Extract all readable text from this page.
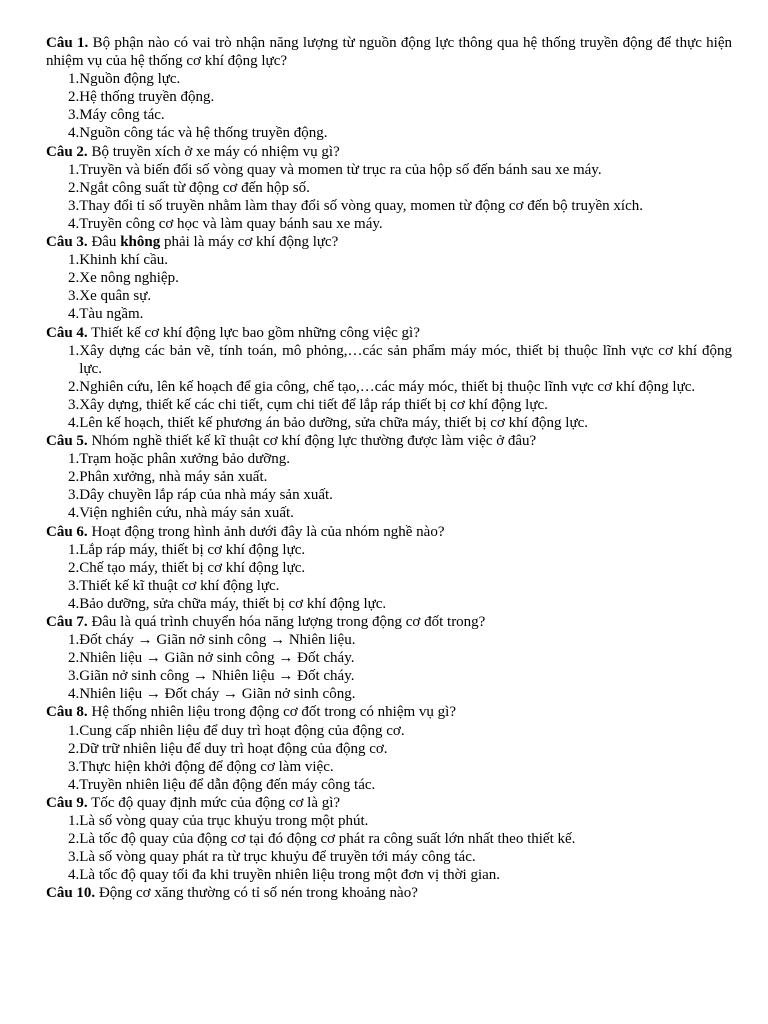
Câu 1. Bộ phận nào có vai trò nhận năng lượng từ nguồn động lực thông qua hệ thống truyền động để thực hiện nhiệm vụ của hệ thống cơ khí động lực?
1. Nguồn động lực.
2. Hệ thống truyền động.
3. Máy công tác.
4. Nguồn công tác và hệ thống truyền động.
Câu 2. Bộ truyền xích ở xe máy có nhiệm vụ gì?
1. Truyền và biến đổi số vòng quay và momen từ trục ra của hộp số đến bánh sau xe máy.
2. Ngắt công suất từ động cơ đến hộp số.
3. Thay đổi tỉ số truyền nhằm làm thay đổi số vòng quay, momen từ động cơ đến bộ truyền xích.
4. Truyền công cơ học và làm quay bánh sau xe máy.
Câu 3. Đâu không phải là máy cơ khí động lực?
1. Khinh khí cầu.
2. Xe nông nghiệp.
3. Xe quân sự.
4. Tàu ngầm.
Câu 4. Thiết kế cơ khí động lực bao gồm những công việc gì?
1. Xây dựng các bản vẽ, tính toán, mô phỏng,…các sản phẩm máy móc, thiết bị thuộc lĩnh vực cơ khí động lực.
2. Nghiên cứu, lên kế hoạch để gia công, chế tạo,…các máy móc, thiết bị thuộc lĩnh vực cơ khí động lực.
3. Xây dựng, thiết kế các chi tiết, cụm chi tiết để lắp ráp thiết bị cơ khí động lực.
4. Lên kế hoạch, thiết kế phương án bảo dưỡng, sửa chữa máy, thiết bị cơ khí động lực.
Câu 5. Nhóm nghề thiết kế kĩ thuật cơ khí động lực thường được làm việc ở đâu?
1. Trạm hoặc phân xưởng bảo dưỡng.
2. Phân xưởng, nhà máy sản xuất.
3. Dây chuyền lắp ráp của nhà máy sản xuất.
4. Viện nghiên cứu, nhà máy sản xuất.
Câu 6. Hoạt động trong hình ảnh dưới đây là của nhóm nghề nào?
1. Lắp ráp máy, thiết bị cơ khí động lực.
2. Chế tạo máy, thiết bị cơ khí động lực.
3. Thiết kế kĩ thuật cơ khí động lực.
4. Bảo dưỡng, sửa chữa máy, thiết bị cơ khí động lực.
Câu 7. Đâu là quá trình chuyển hóa năng lượng trong động cơ đốt trong?
1. Đốt cháy → Giãn nở sinh công → Nhiên liệu.
2. Nhiên liệu → Giãn nở sinh công → Đốt cháy.
3. Giãn nở sinh công → Nhiên liệu → Đốt cháy.
4. Nhiên liệu → Đốt cháy → Giãn nở sinh công.
Câu 8. Hệ thống nhiên liệu trong động cơ đốt trong có nhiệm vụ gì?
1. Cung cấp nhiên liệu để duy trì hoạt động của động cơ.
2. Dữ trữ nhiên liệu để duy trì hoạt động của động cơ.
3. Thực hiện khởi động để động cơ làm việc.
4. Truyền nhiên liệu để dẫn động đến máy công tác.
Câu 9. Tốc độ quay định mức của động cơ là gì?
1. Là số vòng quay của trục khuỷu trong một phút.
2. Là tốc độ quay của động cơ tại đó động cơ phát ra công suất lớn nhất theo thiết kế.
3. Là số vòng quay phát ra từ trục khuỷu để truyền tới máy công tác.
4. Là tốc độ quay tối đa khi truyền nhiên liệu trong một đơn vị thời gian.
Câu 10. Động cơ xăng thường có tỉ số nén trong khoảng nào?
